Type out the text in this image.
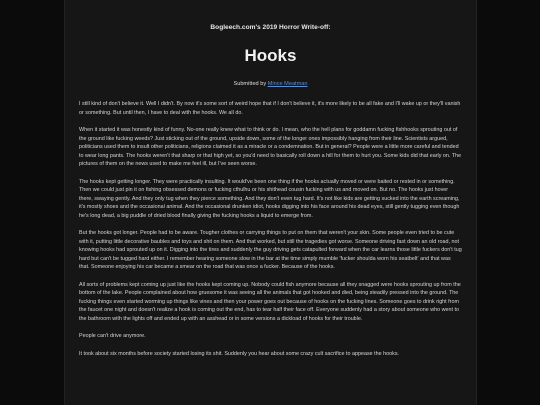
Bogleech.com's 2019 Horror Write-off:
Hooks
Submitted by Mince Meatman

I still kind of don't believe it. Well I didn't. By now it's some sort of weird hope that if I don't believe it, it's more likely to be all fake and I'll wake up or they'll vanish or something. But until then, I have to deal with the hooks. We all do.

When it started it was honestly kind of funny. No-one really knew what to think or do. I mean, who the hell plans for goddamn fucking fishhooks sprouting out of the ground like fucking weeds? Just sticking out of the ground, upside down, some of the longer ones impossibly hanging from their line. Scientists argued, politicians used them to insult other politicians, religions claimed it as a miracle or a condemnation. But in general? People were a little more careful and tended to wear long pants. The hooks weren't that sharp or that high yet, so you'd need to basically roll down a hill for them to hurt you. Some kids did that early on. The pictures of them on the news used to make me feel ill, but I've seen worse.

The hooks kept getting longer. They were practically insulting. It would've been one thing if the hooks actually moved or were baited or rested in or something. Then we could just pin it on fishing obsessed demons or fucking cthulhu or his shithead cousin fucking with us and moved on. But no. The hooks just hover there, swaying gently. And they only tug when they pierce something. And they don't even tug hard. It's not like kids are getting sucked into the earth screaming, it's mostly shoes and the occasional animal. And the occasional drunken idiot, hooks digging into his face around his dead eyes, still gently tugging even though he's long dead, a big puddle of dried blood finally giving the fucking hooks a liquid to emerge from.

But the hooks got longer. People had to be aware. Tougher clothes or carrying things to put on them that weren't your skin. Some people even tried to be cute with it, putting little decorative baubles and toys and shit on them. And that worked, but still the tragedies got worse. Someone driving fast down an old road, not knowing hooks had sprouted up on it. Digging into the tires and suddenly the guy driving gets catapulted forward when the car learns those little fuckers don't tug hard but can't be tugged hard either. I remember hearing someone slow in the bar at the time simply mumble 'fucker shoulda worn his seatbelt' and that was that. Someone enjoying his car became a smear on the road that was once a fucker. Because of the hooks.

All sorts of problems kept coming up just like the hooks kept coming up. Nobody could fish anymore because all they snagged were hooks sprouting up from the bottom of the lake. People complained about how gruesome it was seeing all the animals that got hooked and died, being steadily pressed into the ground. The fucking things even started worming up things like vines and then your power goes out because of hooks on the fucking lines. Someone goes to drink right from the faucet one night and doesn't realize a hook is coming out the end, has to tear half their face off. Everyone suddenly had a story about someone who went to the bathroom with the lights off and ended up with an asshead or in some versions a dickload of hooks for their trouble.

People can't drive anymore.

It took about six months before society started losing its shit. Suddenly you hear about some crazy cult sacrifice to appease the hooks.
